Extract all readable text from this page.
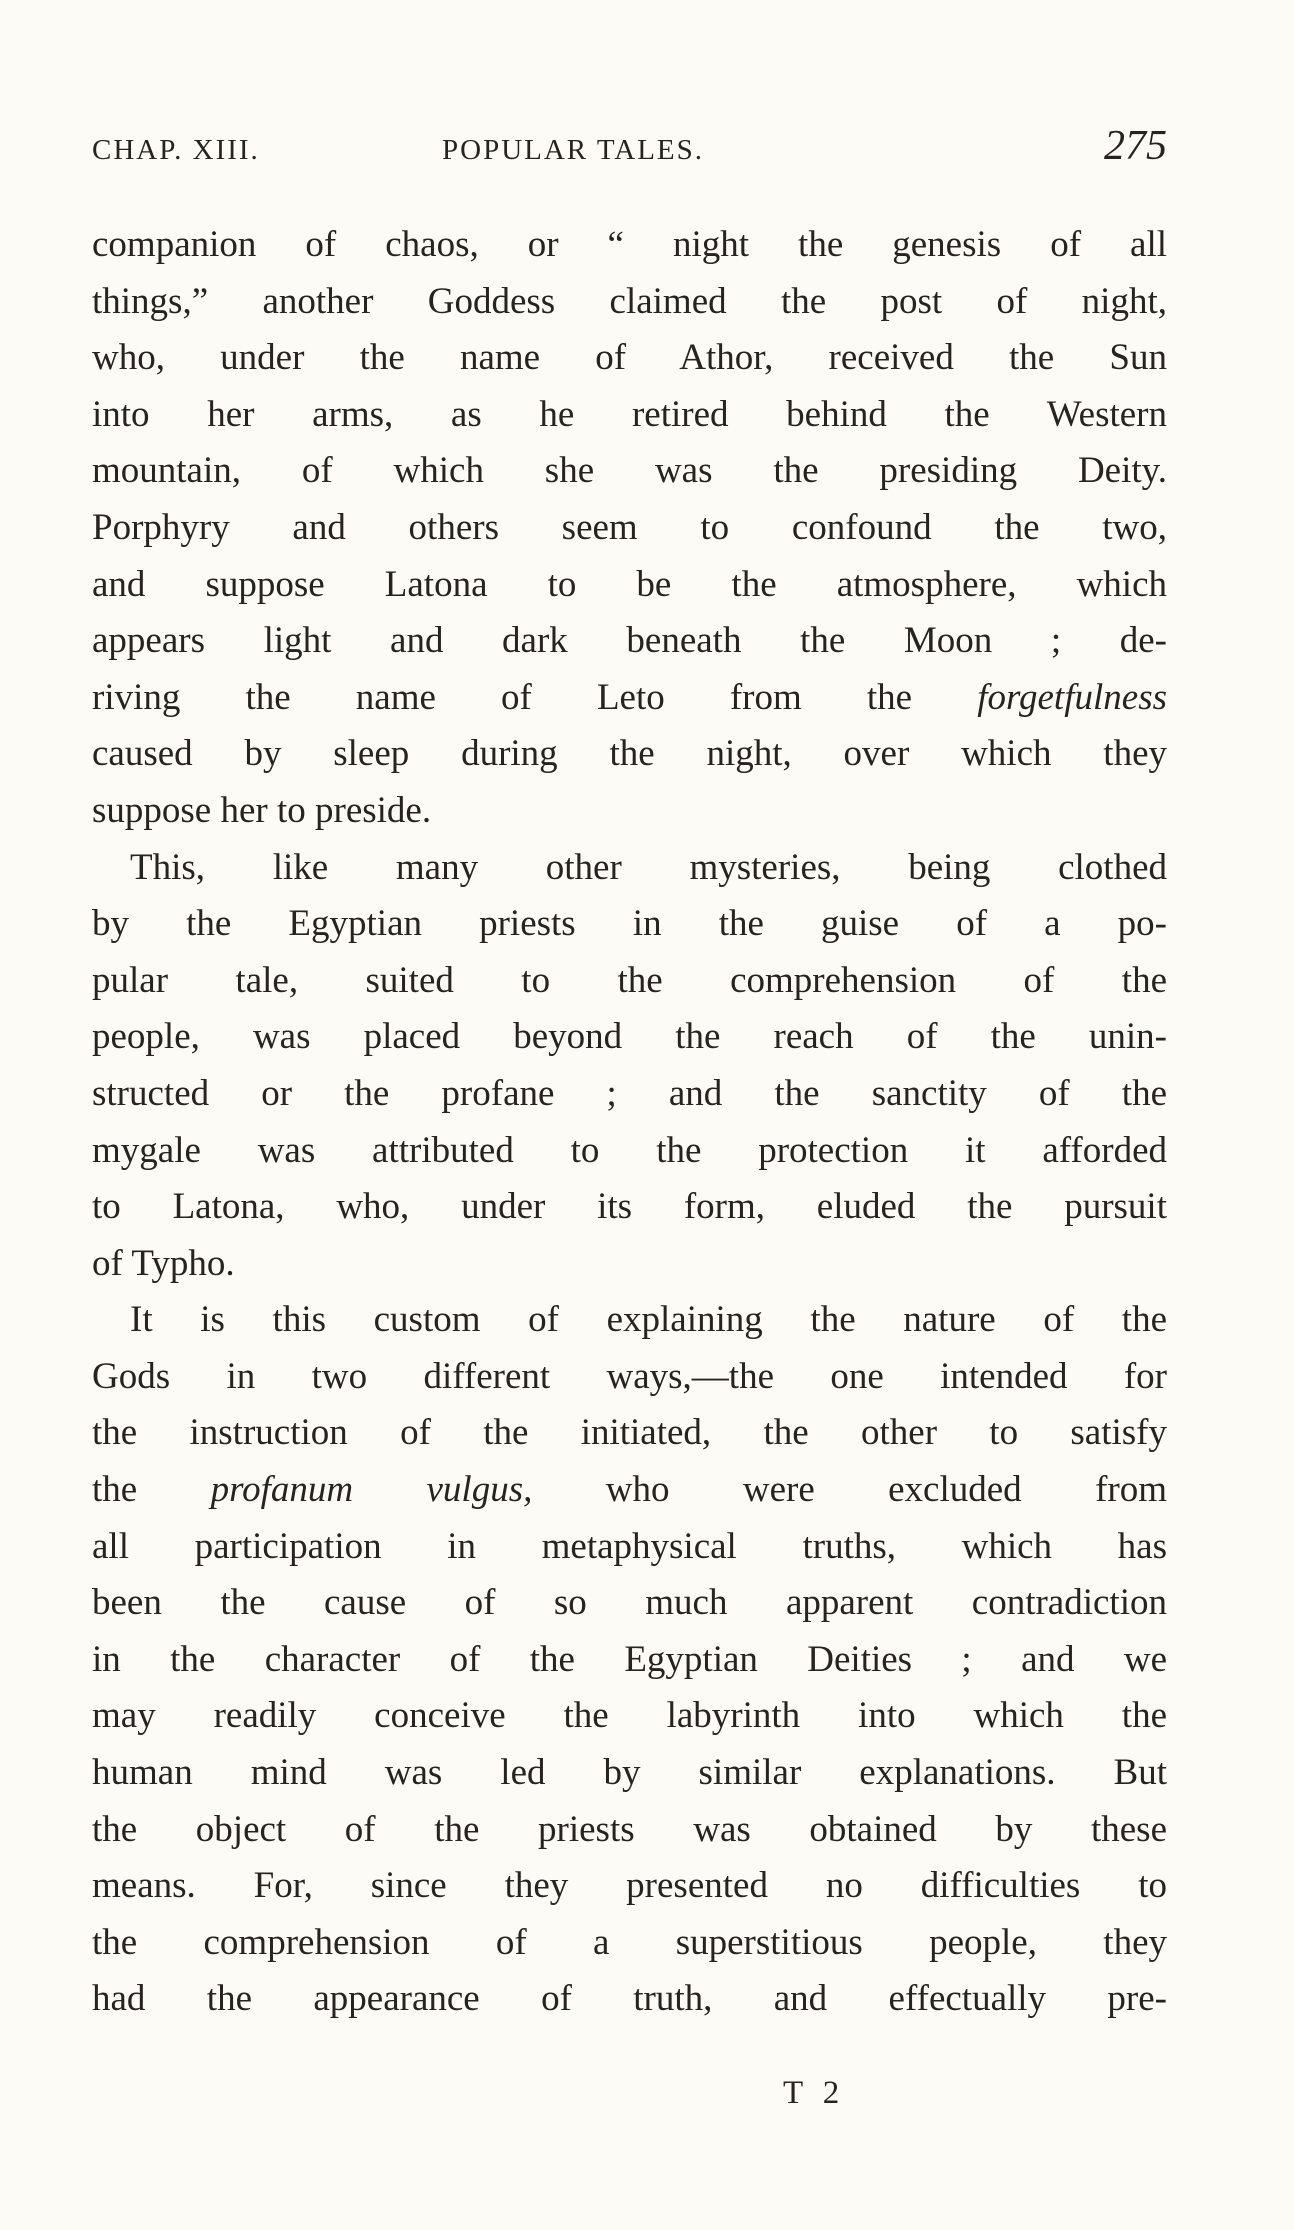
CHAP. XIII.	POPULAR TALES.	275
companion of chaos, or “ night the genesis of all
things,” another Goddess claimed the post of night,
who, under the name of Athor, received the Sun
into her arms, as he retired behind the Western
mountain, of which she was the presiding Deity.
Porphyry and others seem to confound the two,
and suppose Latona to be the atmosphere, which
appears light and dark beneath the Moon ; de-
riving the name of Leto from the forgetfulness
caused by sleep during the night, over which they
suppose her to preside.
This, like many other mysteries, being clothed
by the Egyptian priests in the guise of a po-
pular tale, suited to the comprehension of the
people, was placed beyond the reach of the unin-
structed or the profane ; and the sanctity of the
mygale was attributed to the protection it afforded
to Latona, who, under its form, eluded the pursuit
of Typho.
It is this custom of explaining the nature of the
Gods in two different ways,—the one intended for
the instruction of the initiated, the other to satisfy
the profanum vulgus, who were excluded from
all participation in metaphysical truths, which has
been the cause of so much apparent contradiction
in the character of the Egyptian Deities ; and we
may readily conceive the labyrinth into which the
human mind was led by similar explanations. But
the object of the priests was obtained by these
means. For, since they presented no difficulties to
the comprehension of a superstitious people, they
had the appearance of truth, and effectually pre-
T 2
